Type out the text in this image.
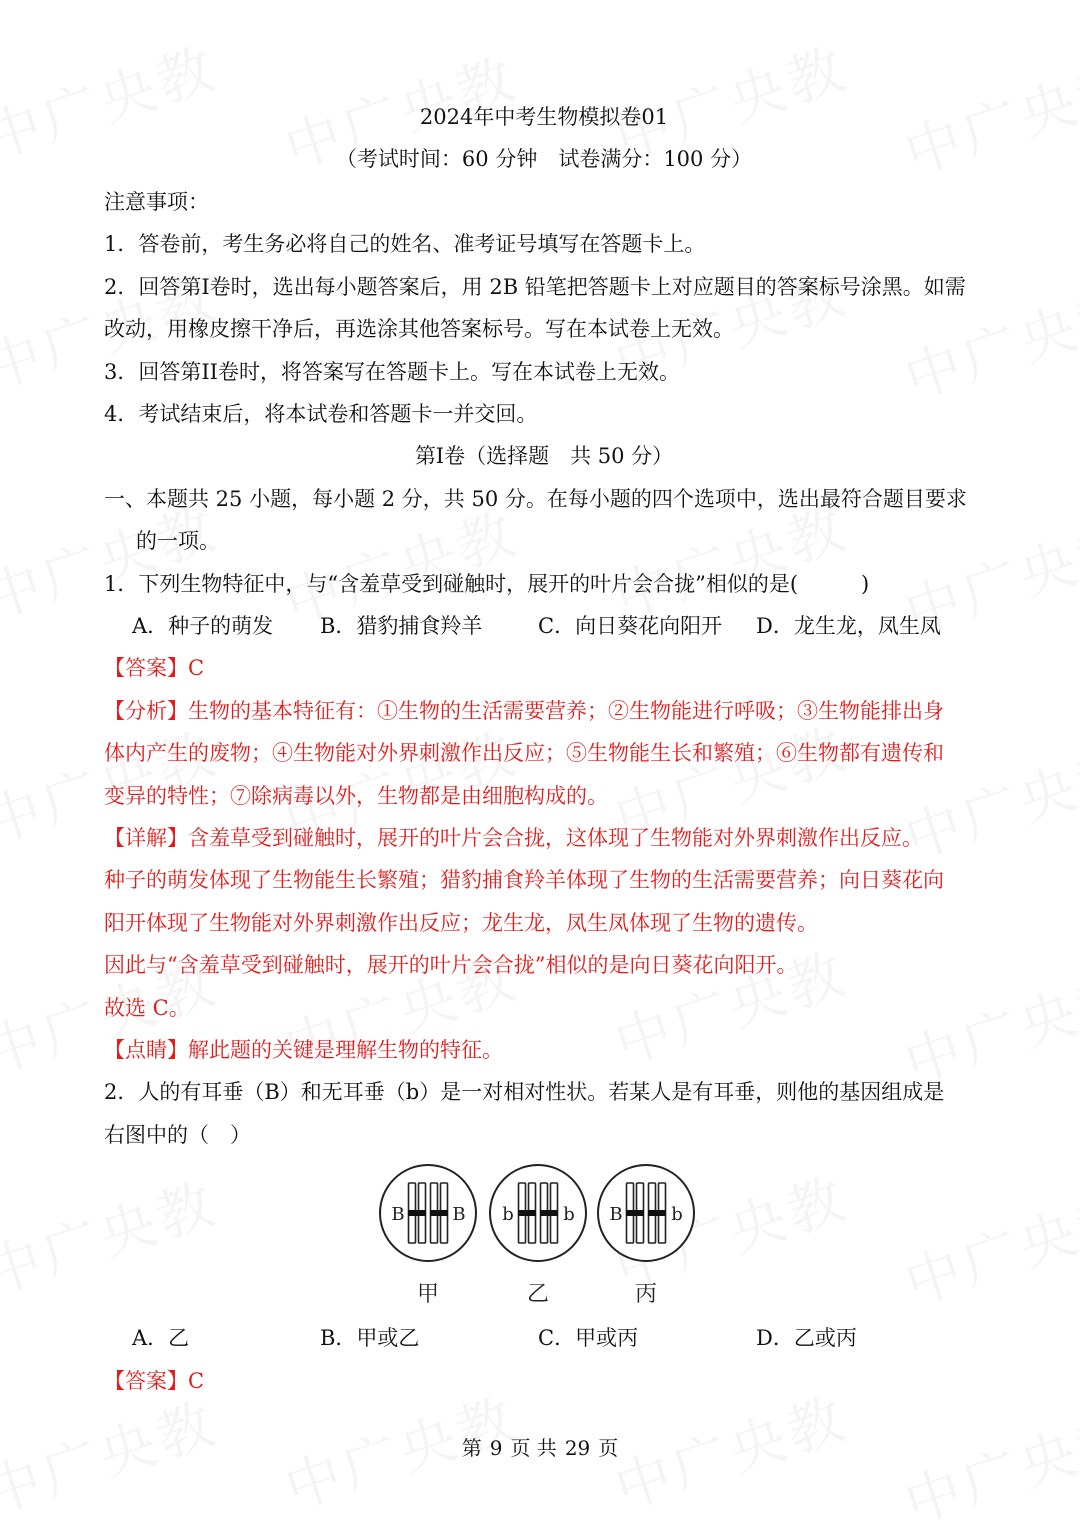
2024年中考生物模拟卷01
（考试时间：60 分钟　试卷满分：100 分）
注意事项：
1．答卷前，考生务必将自己的姓名、准考证号填写在答题卡上。
2．回答第I卷时，选出每小题答案后，用 2B 铅笔把答题卡上对应题目的答案标号涂黑。如需
改动，用橡皮擦干净后，再选涂其他答案标号。写在本试卷上无效。
3．回答第II卷时，将答案写在答题卡上。写在本试卷上无效。
4．考试结束后，将本试卷和答题卡一并交回。
第I卷（选择题　共 50 分）
一、本题共 25 小题，每小题 2 分，共 50 分。在每小题的四个选项中，选出最符合题目要求
的一项。
1．下列生物特征中，与“含羞草受到碰触时，展开的叶片会合拢”相似的是(　　　)
A．种子的萌发 B．猎豹捕食羚羊	C．向日葵花向阳开 D．龙生龙，凤生凤
【答案】C
【分析】生物的基本特征有：①生物的生活需要营养；②生物能进行呼吸；③生物能排出身
体内产生的废物；④生物能对外界刺激作出反应；⑤生物能生长和繁殖；⑥生物都有遗传和
变异的特性；⑦除病毒以外，生物都是由细胞构成的。
【详解】含羞草受到碰触时，展开的叶片会合拢，这体现了生物能对外界刺激作出反应。
种子的萌发体现了生物能生长繁殖；猎豹捕食羚羊体现了生物的生活需要营养；向日葵花向
阳开体现了生物能对外界刺激作出反应；龙生龙，凤生凤体现了生物的遗传。
因此与“含羞草受到碰触时，展开的叶片会合拢”相似的是向日葵花向阳开。
故选 C。
【点睛】解此题的关键是理解生物的特征。
2．人的有耳垂（B）和无耳垂（b）是一对相对性状。若某人是有耳垂，则他的基因组成是
右图中的（　）
A．乙	B．甲或乙	C．甲或丙	D．乙或丙
【答案】C
B	B
甲
b	b
乙
B	b
丙
第 9 页 共 29 页
